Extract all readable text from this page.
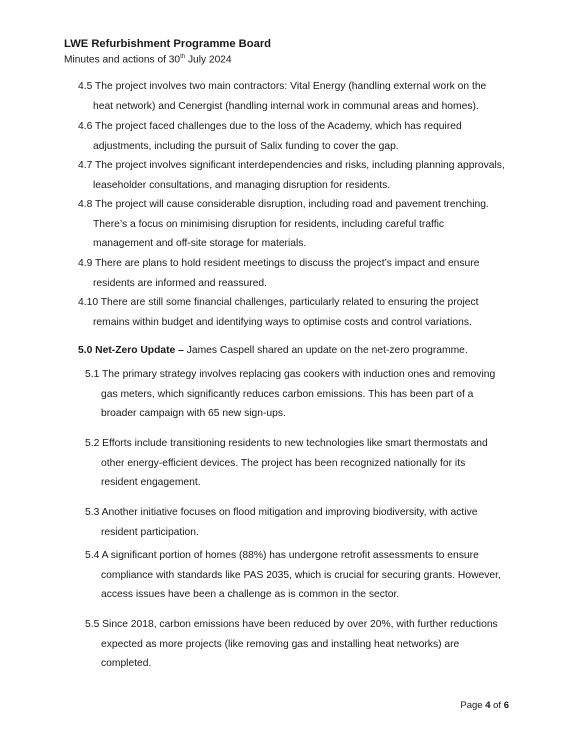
LWE Refurbishment Programme Board
Minutes and actions of 30th July 2024
4.5 The project involves two main contractors: Vital Energy (handling external work on the
heat network) and Cenergist (handling internal work in communal areas and homes).
4.6 The project faced challenges due to the loss of the Academy, which has required
adjustments, including the pursuit of Salix funding to cover the gap.
4.7 The project involves significant interdependencies and risks, including planning approvals,
leaseholder consultations, and managing disruption for residents.
4.8 The project will cause considerable disruption, including road and pavement trenching.
There’s a focus on minimising disruption for residents, including careful traffic
management and off-site storage for materials.
4.9 There are plans to hold resident meetings to discuss the project’s impact and ensure
residents are informed and reassured.
4.10 There are still some financial challenges, particularly related to ensuring the project
remains within budget and identifying ways to optimise costs and control variations.
5.0 Net-Zero Update – James Caspell shared an update on the net-zero programme.
5.1 The primary strategy involves replacing gas cookers with induction ones and removing
gas meters, which significantly reduces carbon emissions. This has been part of a
broader campaign with 65 new sign-ups.
5.2 Efforts include transitioning residents to new technologies like smart thermostats and
other energy-efficient devices. The project has been recognized nationally for its
resident engagement.
5.3 Another initiative focuses on flood mitigation and improving biodiversity, with active
resident participation.
5.4 A significant portion of homes (88%) has undergone retrofit assessments to ensure
compliance with standards like PAS 2035, which is crucial for securing grants. However,
access issues have been a challenge as is common in the sector.
5.5 Since 2018, carbon emissions have been reduced by over 20%, with further reductions
expected as more projects (like removing gas and installing heat networks) are
completed.
Page 4 of 6
